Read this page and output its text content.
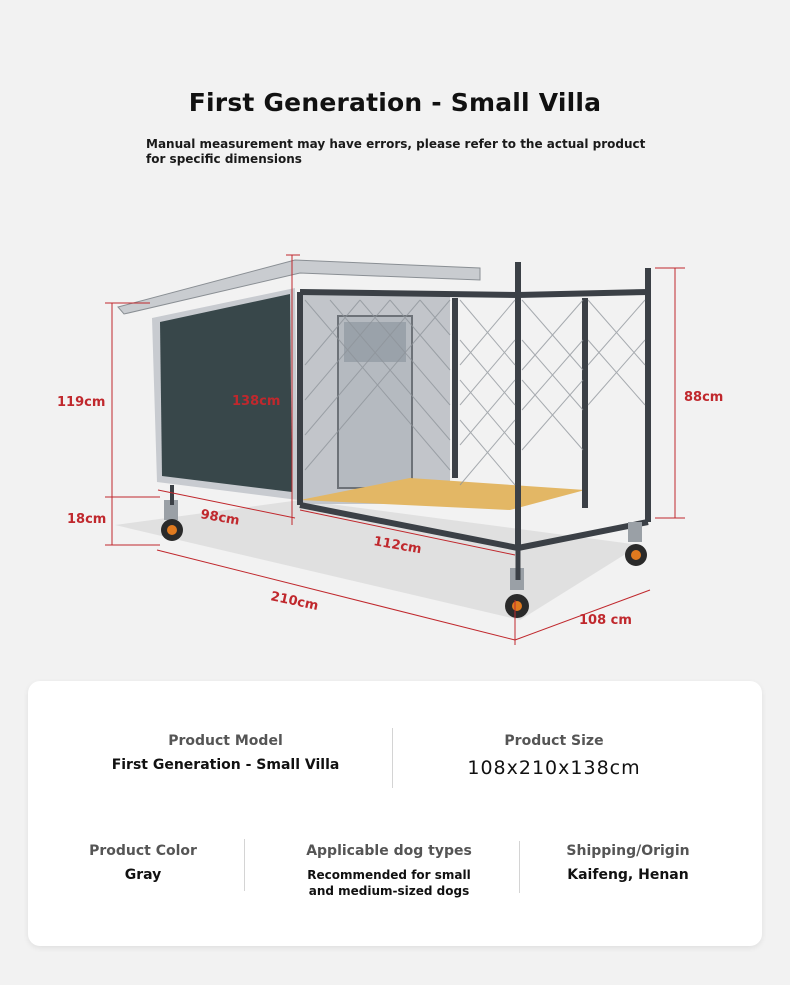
First Generation - Small Villa
Manual measurement may have errors, please refer to the actual product for specific dimensions
119cm	138cm	88cm
18cm	98cm
112cm
210cm
108 cm
Product Model
First Generation - Small Villa
Product Size
108x210x138cm
Product Color
Gray
Applicable dog types
Recommended for small and medium-sized dogs
Shipping/Origin
Kaifeng, Henan
